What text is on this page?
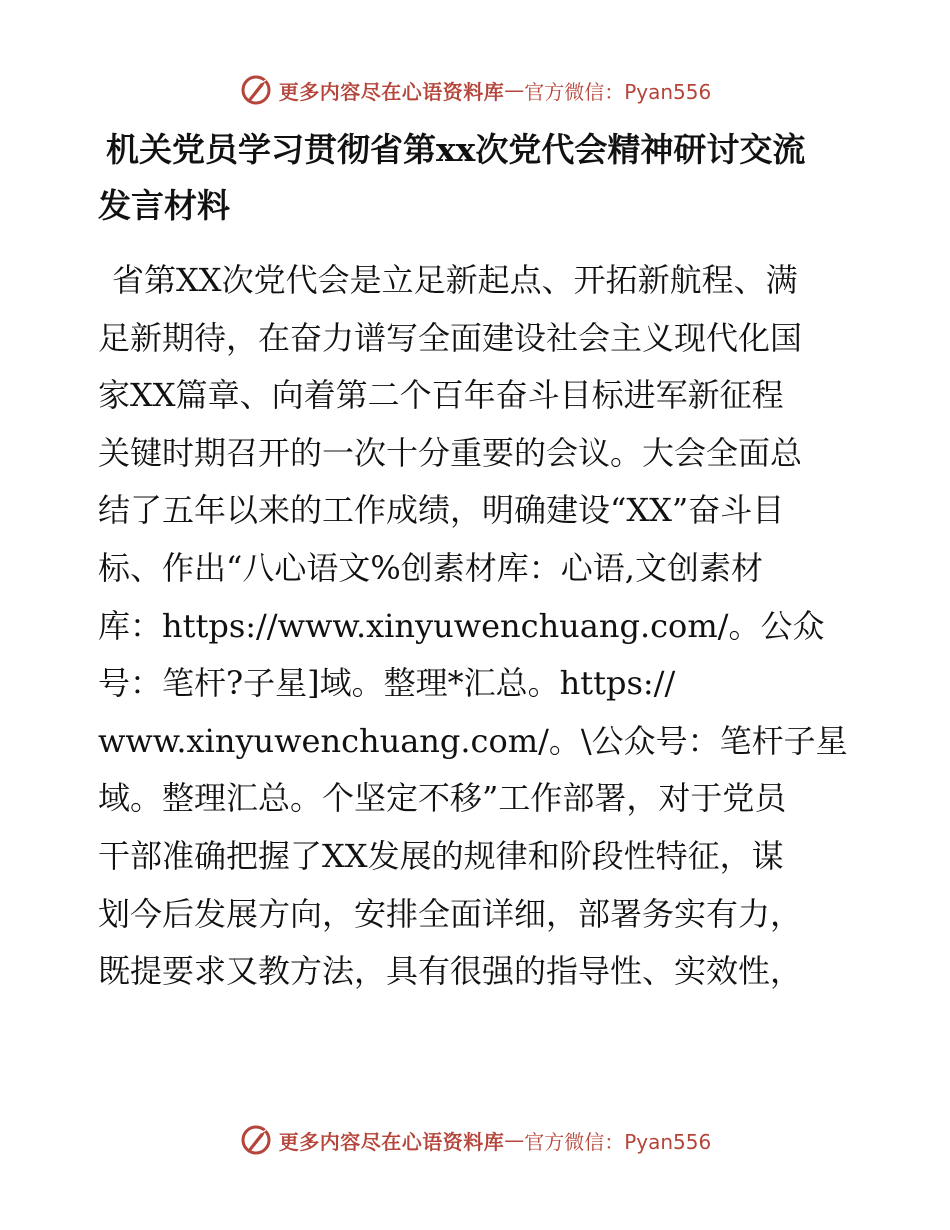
更多内容尽在心语资料库 — 官方微信：Pyan556
机关党员学习贯彻省第xx次党代会精神研讨交流
发言材料
省第XX次党代会是立足新起点、开拓新航程、满
足新期待，在奋力谱写全面建设社会主义现代化国
家XX篇章、向着第二个百年奋斗目标进军新征程
关键时期召开的一次十分重要的会议。大会全面总
结了五年以来的工作成绩，明确建设“XX”奋斗目
标、作出“八心语文%创素材库：心语,文创素材
库：https://www.xinyuwenchuang.com/。公众
号：笔杆?子星]域。整理*汇总。https://
www.xinyuwenchuang.com/。\公众号：笔杆子星
域。整理汇总。个坚定不移”工作部署，对于党员
干部准确把握了XX发展的规律和阶段性特征，谋
划今后发展方向，安排全面详细，部署务实有力，
既提要求又教方法，具有很强的指导性、实效性，
更多内容尽在心语资料库 — 官方微信：Pyan556
